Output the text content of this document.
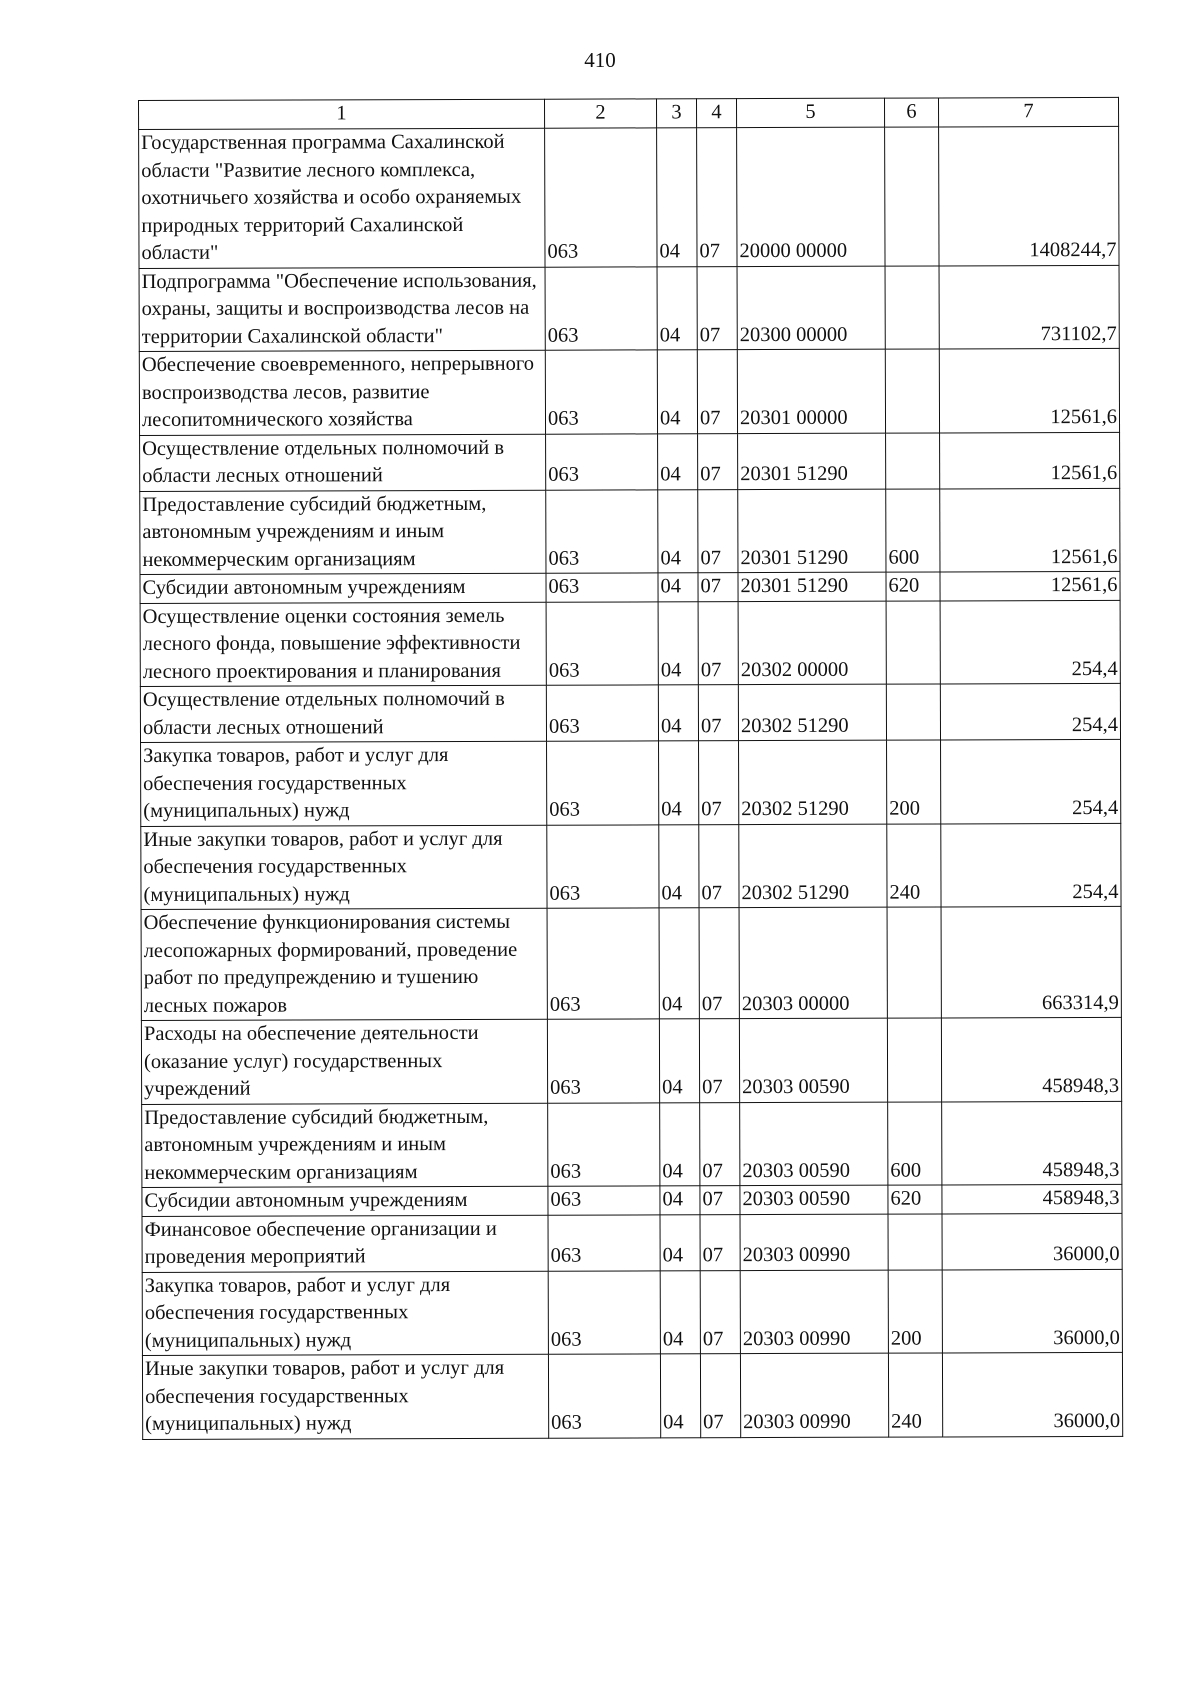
410
1	2	3	4	5	6	7
Государственная программа Сахалинской области "Развитие лесного комплекса, охотничьего хозяйства и особо охраняемых природных территорий Сахалинской области"	063	04	07	20000 00000		1408244,7
Подпрограмма "Обеспечение использования, охраны, защиты и воспроизводства лесов на территории Сахалинской области"	063	04	07	20300 00000		731102,7
Обеспечение своевременного, непрерывного воспроизводства лесов, развитие лесопитомнического хозяйства	063	04	07	20301 00000		12561,6
Осуществление отдельных полномочий в области лесных отношений	063	04	07	20301 51290		12561,6
Предоставление субсидий бюджетным, автономным учреждениям и иным некоммерческим организациям	063	04	07	20301 51290	600	12561,6
Субсидии автономным учреждениям	063	04	07	20301 51290	620	12561,6
Осуществление оценки состояния земель лесного фонда, повышение эффективности лесного проектирования и планирования	063	04	07	20302 00000		254,4
Осуществление отдельных полномочий в области лесных отношений	063	04	07	20302 51290		254,4
Закупка товаров, работ и услуг для обеспечения государственных (муниципальных) нужд	063	04	07	20302 51290	200	254,4
Иные закупки товаров, работ и услуг для обеспечения государственных (муниципальных) нужд	063	04	07	20302 51290	240	254,4
Обеспечение функционирования системы лесопожарных формирований, проведение работ по предупреждению и тушению лесных пожаров	063	04	07	20303 00000		663314,9
Расходы на обеспечение деятельности (оказание услуг) государственных учреждений	063	04	07	20303 00590		458948,3
Предоставление субсидий бюджетным, автономным учреждениям и иным некоммерческим организациям	063	04	07	20303 00590	600	458948,3
Субсидии автономным учреждениям	063	04	07	20303 00590	620	458948,3
Финансовое обеспечение организации и проведения мероприятий	063	04	07	20303 00990		36000,0
Закупка товаров, работ и услуг для обеспечения государственных (муниципальных) нужд	063	04	07	20303 00990	200	36000,0
Иные закупки товаров, работ и услуг для обеспечения государственных (муниципальных) нужд	063	04	07	20303 00990	240	36000,0
